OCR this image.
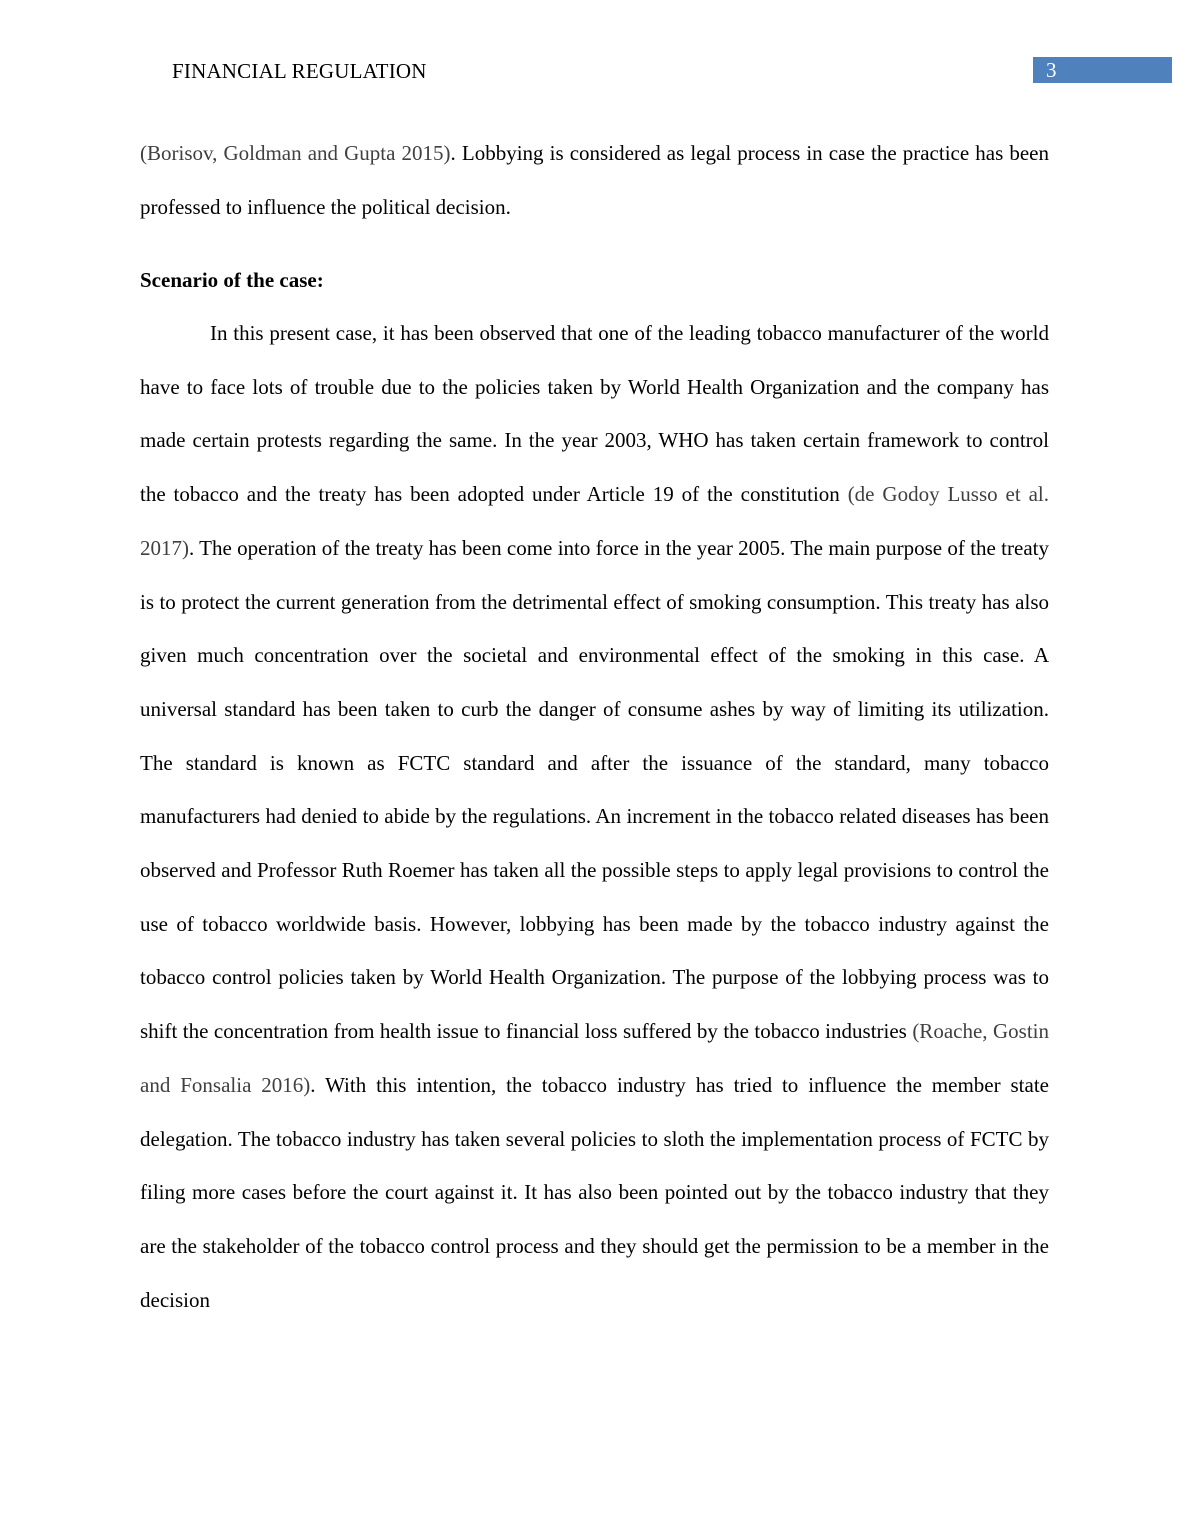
FINANCIAL REGULATION	3

(Borisov, Goldman and Gupta 2015). Lobbying is considered as legal process in case the practice has been professed to influence the political decision.

Scenario of the case:

In this present case, it has been observed that one of the leading tobacco manufacturer of the world have to face lots of trouble due to the policies taken by World Health Organization and the company has made certain protests regarding the same. In the year 2003, WHO has taken certain framework to control the tobacco and the treaty has been adopted under Article 19 of the constitution (de Godoy Lusso et al. 2017). The operation of the treaty has been come into force in the year 2005. The main purpose of the treaty is to protect the current generation from the detrimental effect of smoking consumption. This treaty has also given much concentration over the societal and environmental effect of the smoking in this case. A universal standard has been taken to curb the danger of consume ashes by way of limiting its utilization. The standard is known as FCTC standard and after the issuance of the standard, many tobacco manufacturers had denied to abide by the regulations. An increment in the tobacco related diseases has been observed and Professor Ruth Roemer has taken all the possible steps to apply legal provisions to control the use of tobacco worldwide basis. However, lobbying has been made by the tobacco industry against the tobacco control policies taken by World Health Organization. The purpose of the lobbying process was to shift the concentration from health issue to financial loss suffered by the tobacco industries (Roache, Gostin and Fonsalia 2016). With this intention, the tobacco industry has tried to influence the member state delegation. The tobacco industry has taken several policies to sloth the implementation process of FCTC by filing more cases before the court against it. It has also been pointed out by the tobacco industry that they are the stakeholder of the tobacco control process and they should get the permission to be a member in the decision
